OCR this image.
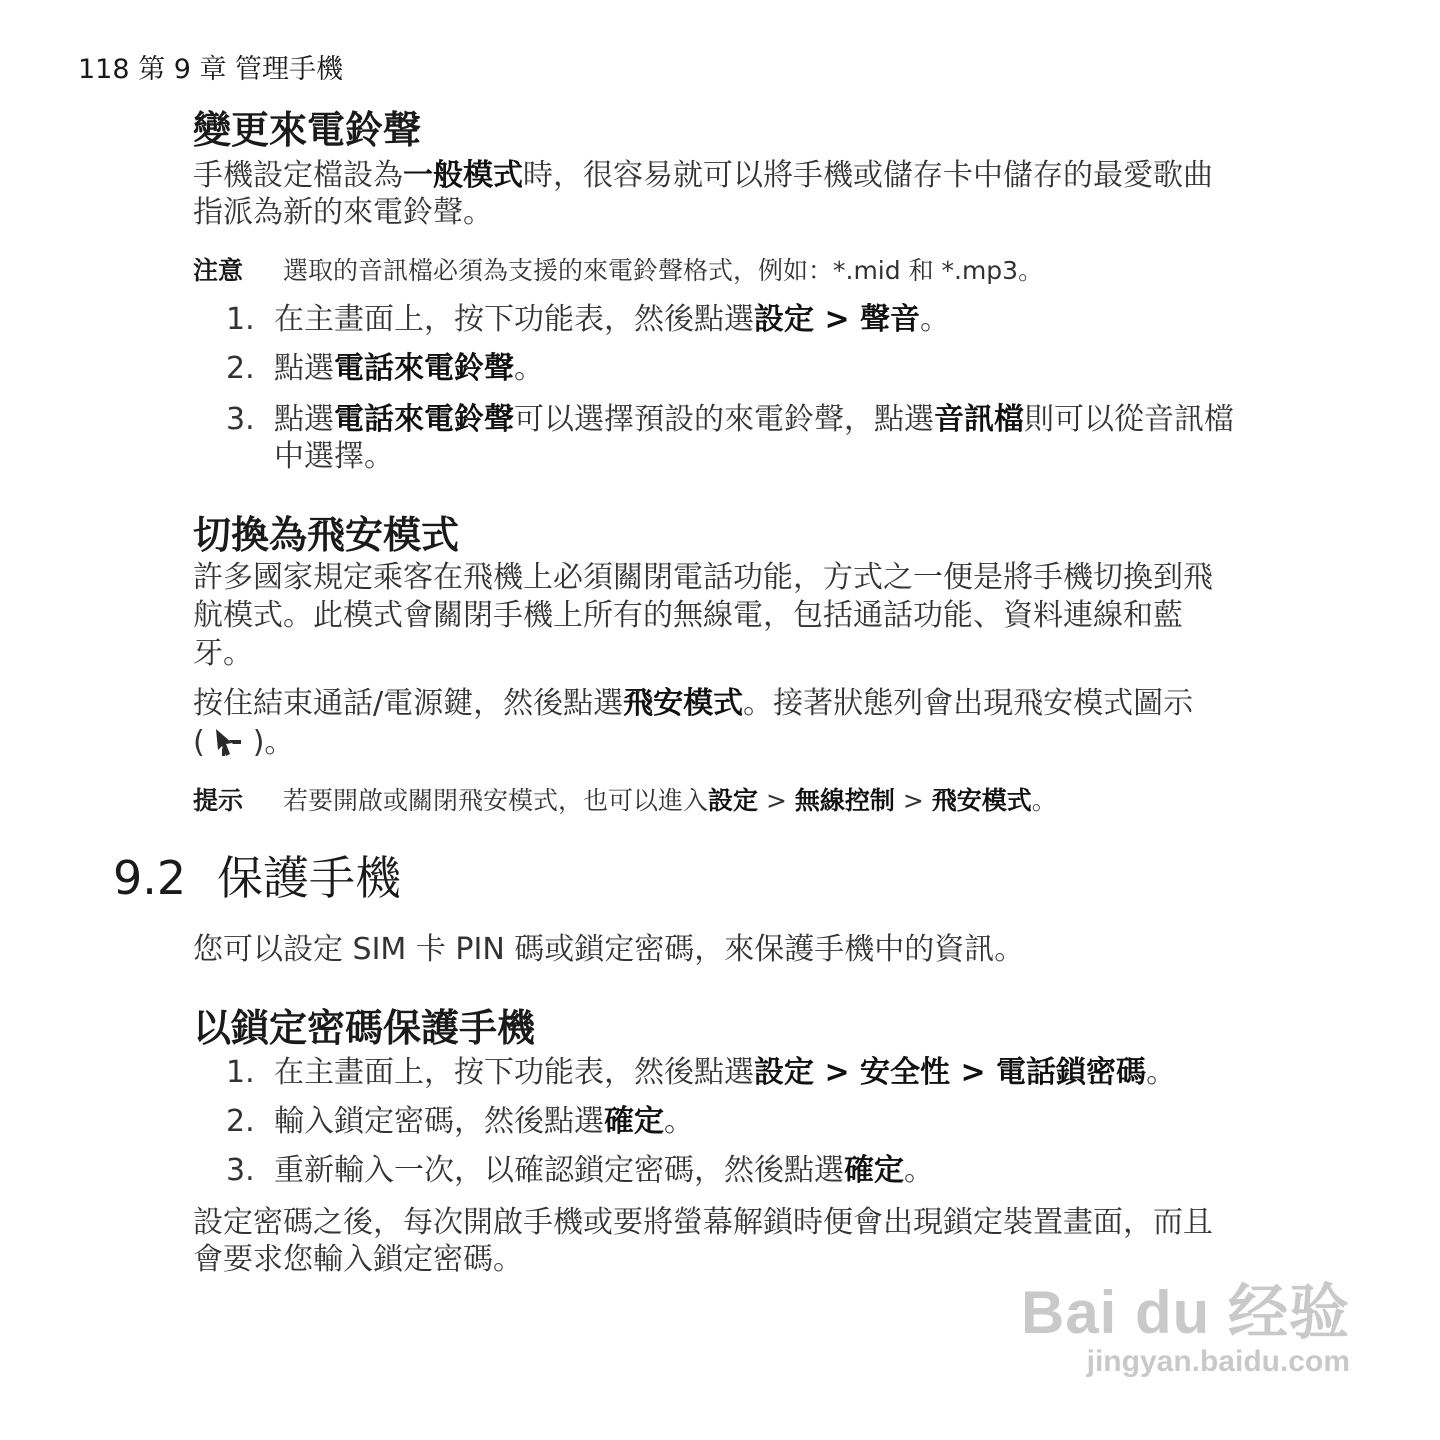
118 第 9 章 管理手機
變更來電鈴聲
手機設定檔設為一般模式時，很容易就可以將手機或儲存卡中儲存的最愛歌曲
指派為新的來電鈴聲。
注意 選取的音訊檔必須為支援的來電鈴聲格式，例如：*.mid 和 *.mp3。
1. 在主畫面上，按下功能表，然後點選設定 > 聲音。
2. 點選電話來電鈴聲。
3. 點選電話來電鈴聲可以選擇預設的來電鈴聲，點選音訊檔則可以從音訊檔
中選擇。
切換為飛安模式
許多國家規定乘客在飛機上必須關閉電話功能，方式之一便是將手機切換到飛
航模式。此模式會關閉手機上所有的無線電，包括通話功能、資料連線和藍
牙。
按住結束通話/電源鍵，然後點選飛安模式。接著狀態列會出現飛安模式圖示
( )。
提示 若要開啟或關閉飛安模式，也可以進入設定 > 無線控制 > 飛安模式。
9.2 保護手機
您可以設定 SIM 卡 PIN 碼或鎖定密碼，來保護手機中的資訊。
以鎖定密碼保護手機
1. 在主畫面上，按下功能表，然後點選設定 > 安全性 > 電話鎖密碼。
2. 輸入鎖定密碼，然後點選確定。
3. 重新輸入一次，以確認鎖定密碼，然後點選確定。
設定密碼之後，每次開啟手機或要將螢幕解鎖時便會出現鎖定裝置畫面，而且
會要求您輸入鎖定密碼。
Bai du 经验
jingyan.baidu.com
